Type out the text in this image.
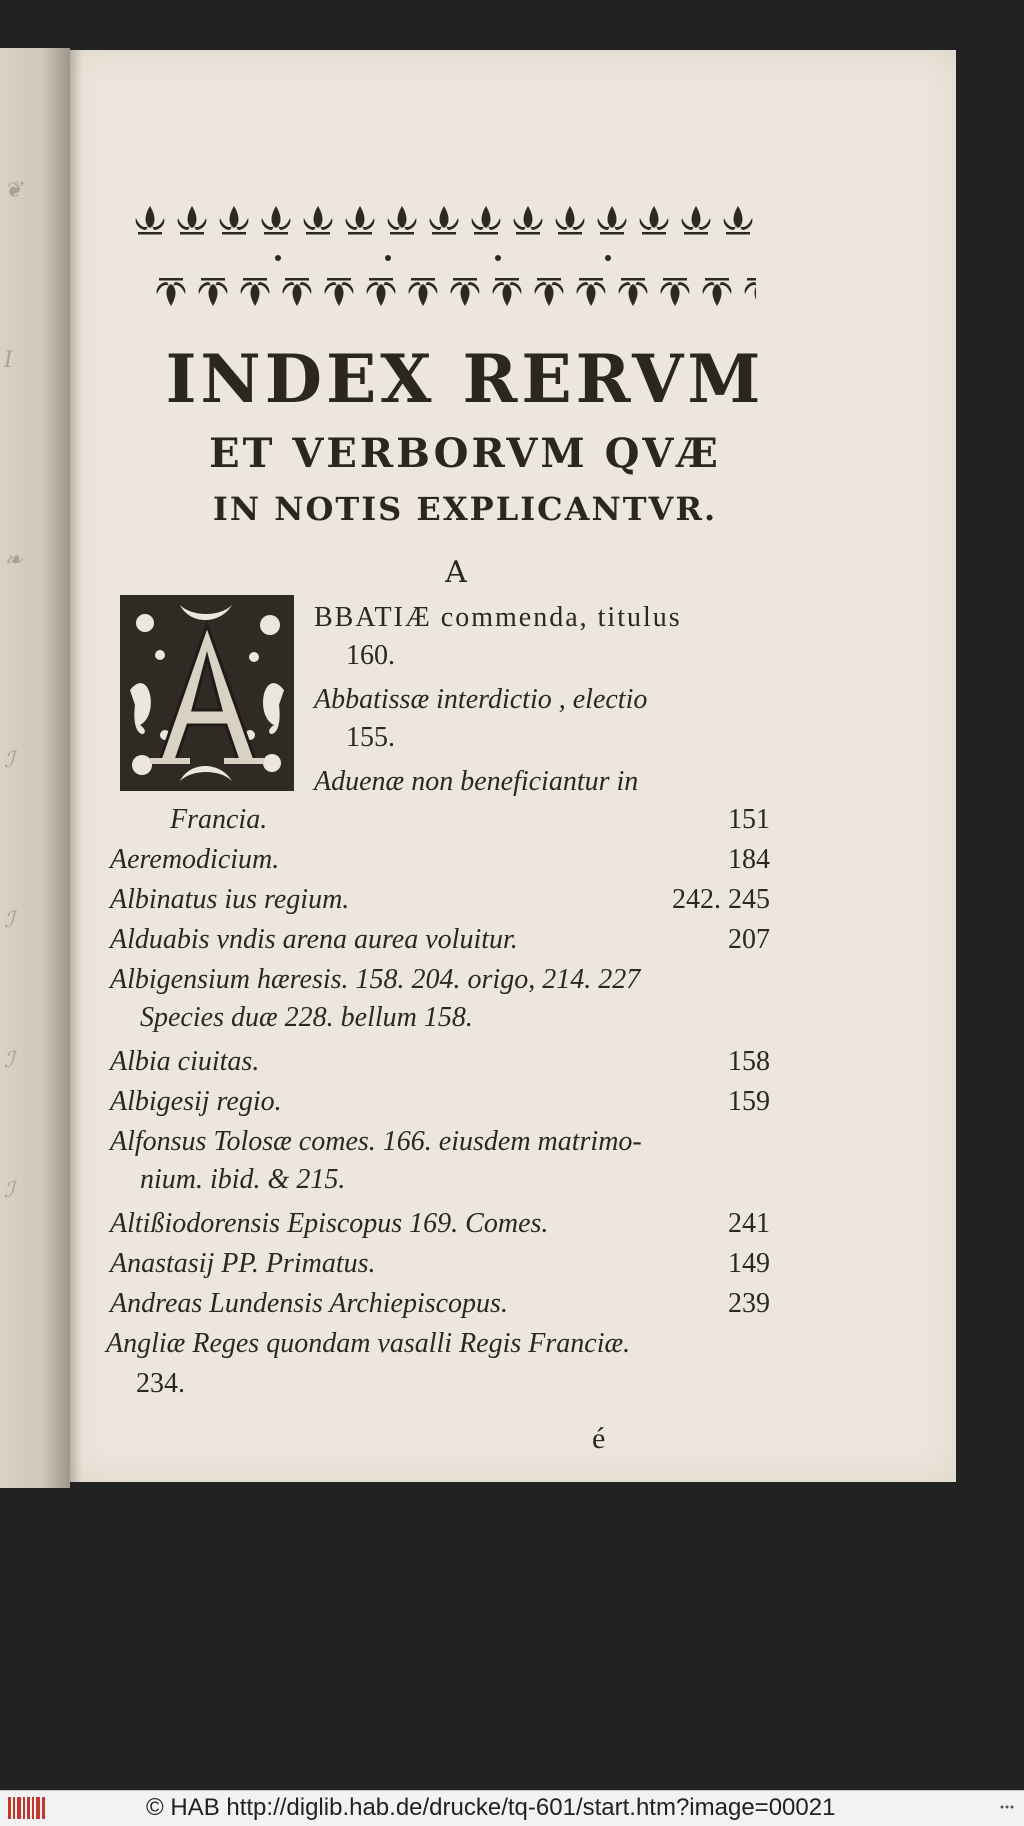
❦
I
❧
ℐ
ℐ
ℐ
ℐ
INDEX RERVM
ET VERBORVM QVÆ
IN NOTIS EXPLICANTVR.
A
BBATIÆ commenda, titulus
160.
Abbatissæ interdictio , electio
155.
Aduenæ non beneficiantur in
Francia.	151
Aeremodicium.	184
Albinatus ius regium.	242. 245
Alduabis vndis arena aurea voluitur.	207
Albigensium hæresis. 158. 204. origo, 214. 227
Species duæ 228. bellum 158.
Albia ciuitas.	158
Albigesij regio.	159
Alfonsus Tolosæ comes. 166. eiusdem matrimo-
nium. ibid. & 215.
Altißiodorensis Episcopus 169. Comes.	241
Anastasij PP. Primatus.	149
Andreas Lundensis Archiepiscopus.	239
Angliæ Reges quondam vasalli Regis Franciæ.
234.
é
© HAB http://diglib.hab.de/drucke/tq-601/start.htm?image=00021
